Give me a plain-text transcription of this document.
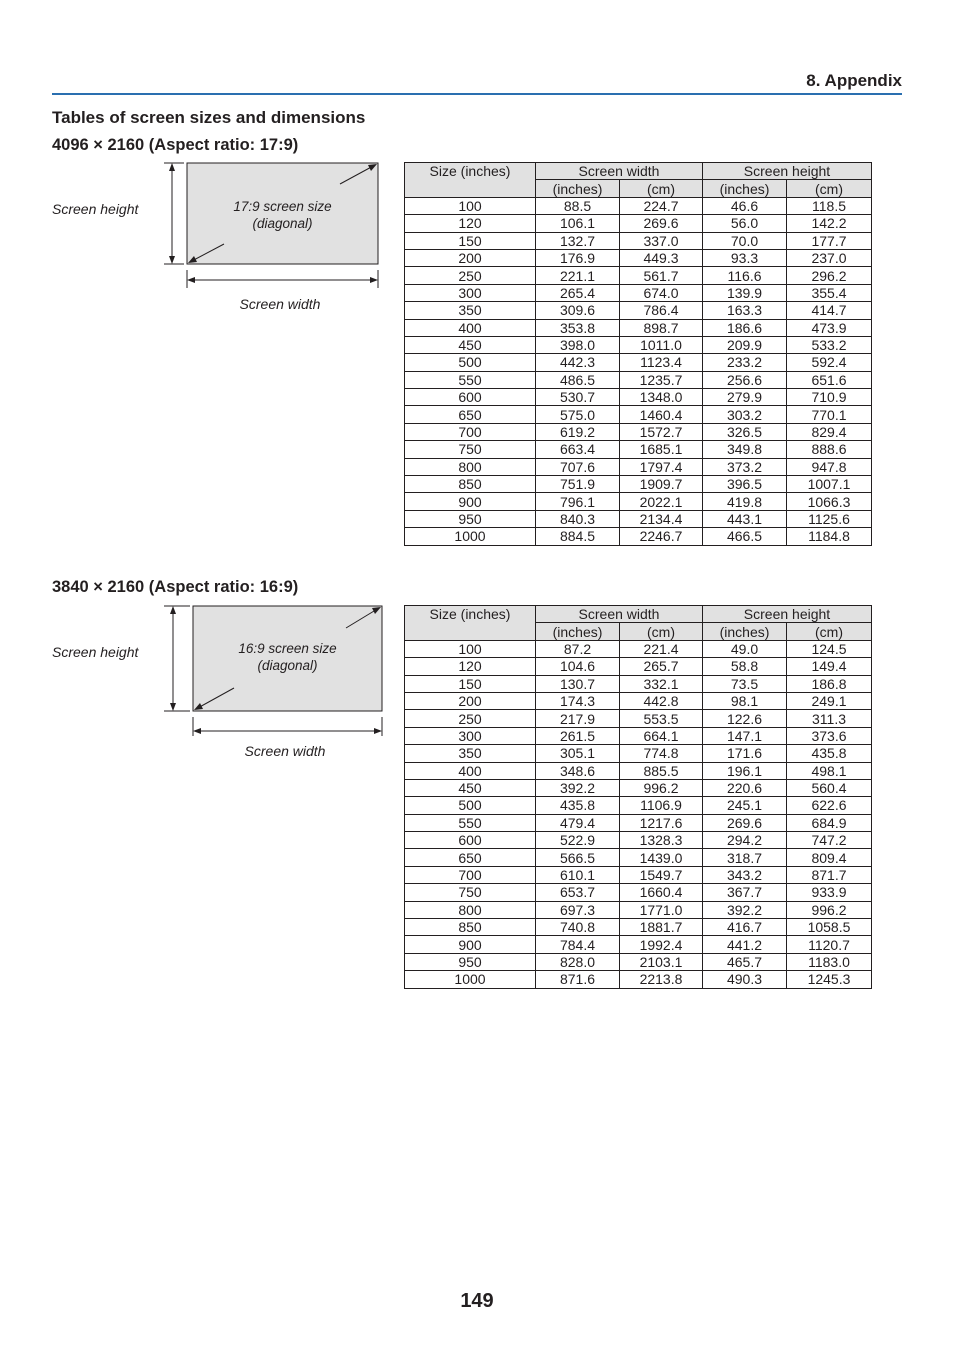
8. Appendix
Tables of screen sizes and dimensions
4096 × 2160 (Aspect ratio: 17:9)
Screen height
Screen width
17:9 screen size
(diagonal)
Size (inches)	Screen width		Screen height	
	(inches)	(cm)	(inches)	(cm)
100	88.5	224.7	46.6	118.5
120	106.1	269.6	56.0	142.2
150	132.7	337.0	70.0	177.7
200	176.9	449.3	93.3	237.0
250	221.1	561.7	116.6	296.2
300	265.4	674.0	139.9	355.4
350	309.6	786.4	163.3	414.7
400	353.8	898.7	186.6	473.9
450	398.0	1011.0	209.9	533.2
500	442.3	1123.4	233.2	592.4
550	486.5	1235.7	256.6	651.6
600	530.7	1348.0	279.9	710.9
650	575.0	1460.4	303.2	770.1
700	619.2	1572.7	326.5	829.4
750	663.4	1685.1	349.8	888.6
800	707.6	1797.4	373.2	947.8
850	751.9	1909.7	396.5	1007.1
900	796.1	2022.1	419.8	1066.3
950	840.3	2134.4	443.1	1125.6
1000	884.5	2246.7	466.5	1184.8
3840 × 2160 (Aspect ratio: 16:9)
Screen height
Screen width
16:9 screen size
(diagonal)
Size (inches)	Screen width		Screen height	
	(inches)	(cm)	(inches)	(cm)
100	87.2	221.4	49.0	124.5
120	104.6	265.7	58.8	149.4
150	130.7	332.1	73.5	186.8
200	174.3	442.8	98.1	249.1
250	217.9	553.5	122.6	311.3
300	261.5	664.1	147.1	373.6
350	305.1	774.8	171.6	435.8
400	348.6	885.5	196.1	498.1
450	392.2	996.2	220.6	560.4
500	435.8	1106.9	245.1	622.6
550	479.4	1217.6	269.6	684.9
600	522.9	1328.3	294.2	747.2
650	566.5	1439.0	318.7	809.4
700	610.1	1549.7	343.2	871.7
750	653.7	1660.4	367.7	933.9
800	697.3	1771.0	392.2	996.2
850	740.8	1881.7	416.7	1058.5
900	784.4	1992.4	441.2	1120.7
950	828.0	2103.1	465.7	1183.0
1000	871.6	2213.8	490.3	1245.3
149
